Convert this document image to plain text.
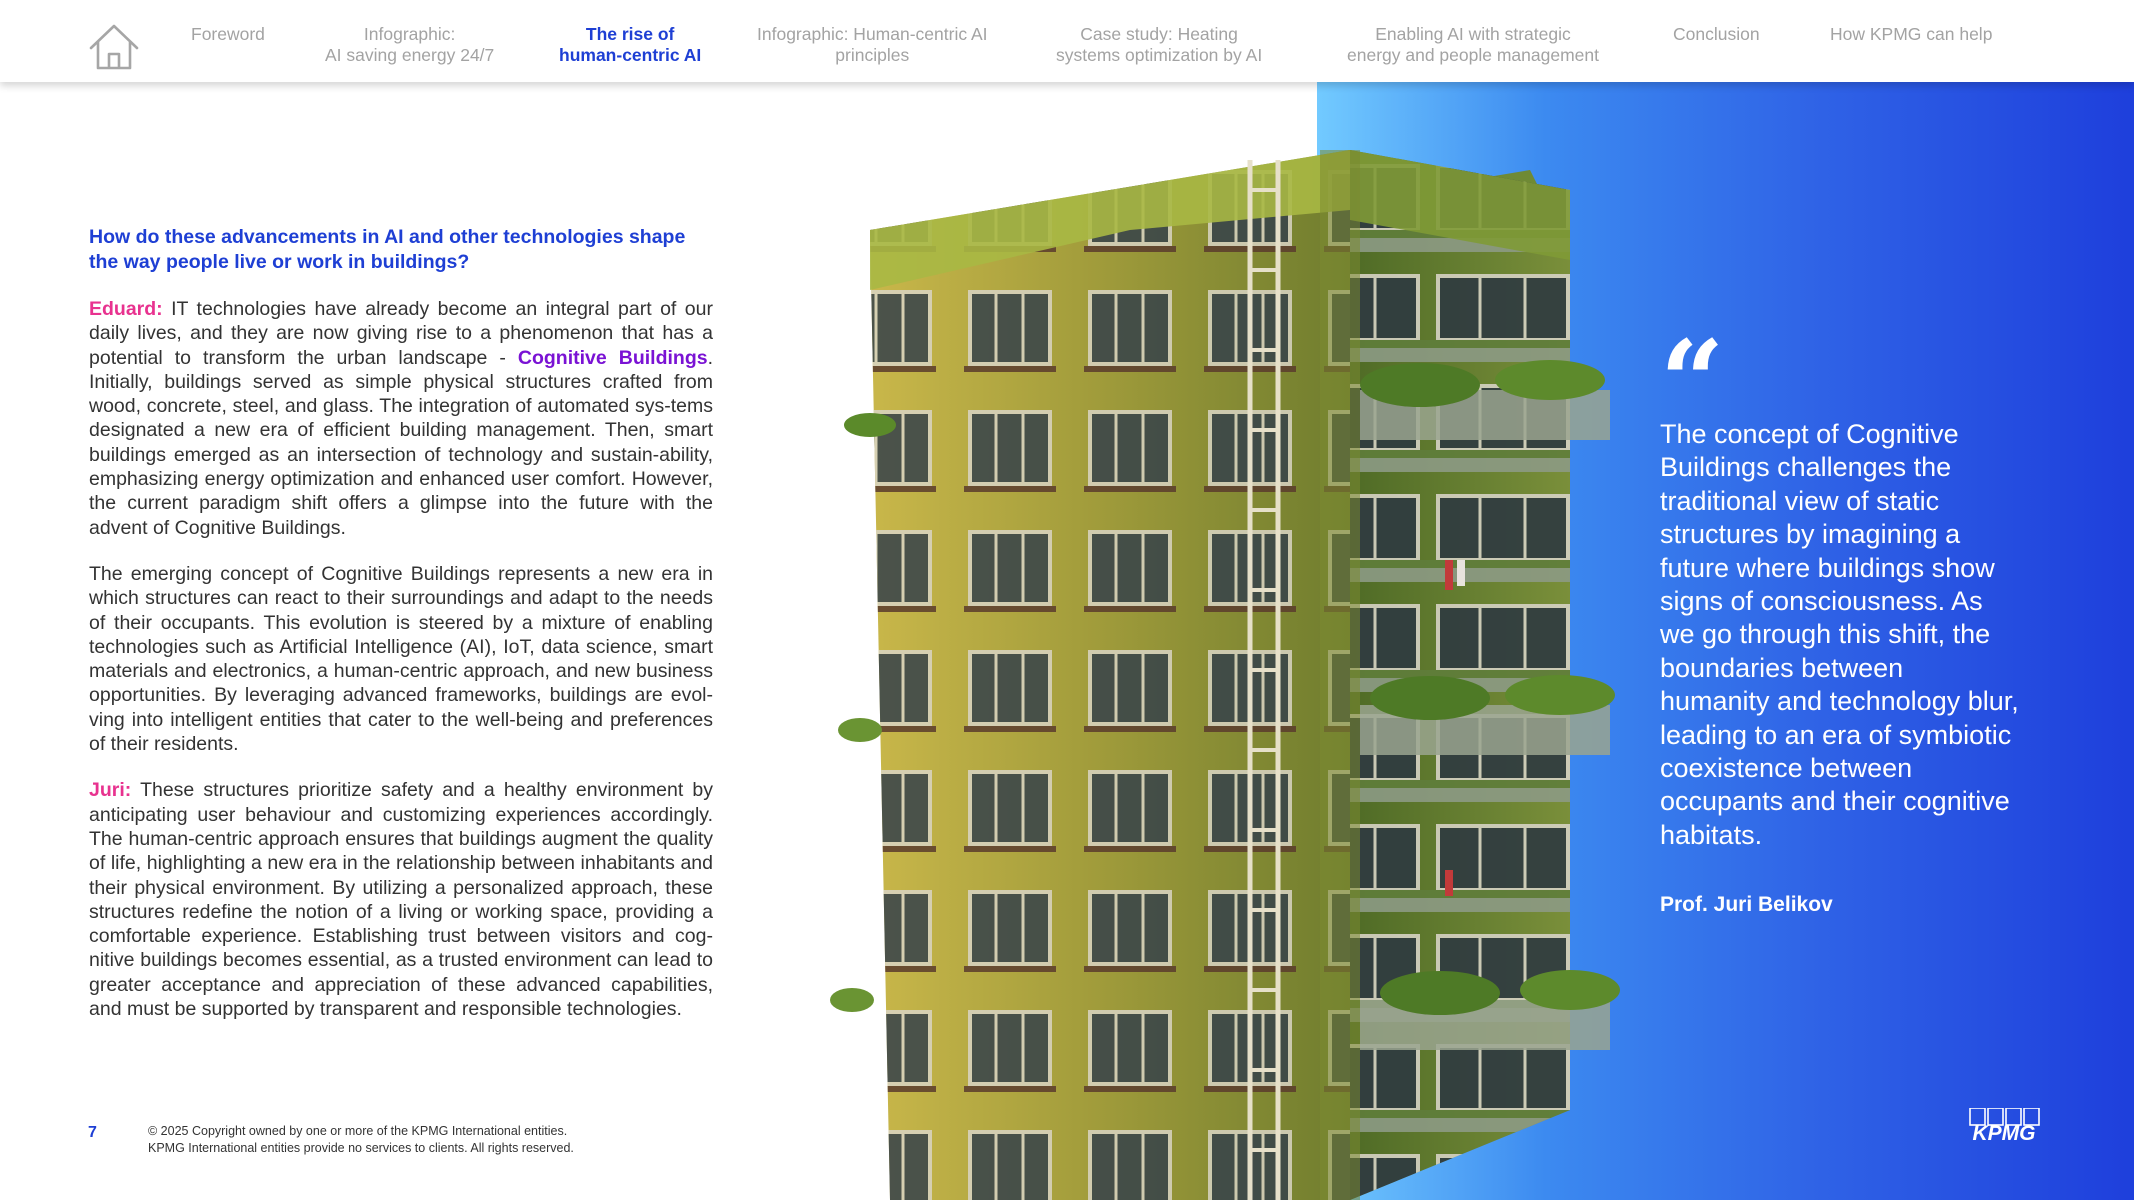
Foreword	Infographic:
AI saving energy 24/7
The rise of
human-centric AI
Infographic: Human-centric AI
principles
Case study: Heating
systems optimization by AI
Enabling AI with strategic
energy and people management
Conclusion	How KPMG can help
How do these advancements in AI and other technologies shape the way people live or work in buildings?

Eduard: IT technologies have already become an integral part of our daily lives, and they are now giving rise to a phenomenon that has a potential to transform the urban landscape - Cognitive Buildings. Initially, buildings served as simple physical structures crafted from wood, concrete, steel, and glass. The integration of automated sys-tems designated a new era of efficient building management. Then, smart buildings emerged as an intersection of technology and sustain-ability, emphasizing energy optimization and enhanced user comfort. However, the current paradigm shift offers a glimpse into the future with the advent of Cognitive Buildings.

The emerging concept of Cognitive Buildings represents a new era in which structures can react to their surroundings and adapt to the needs of their occupants. This evolution is steered by a mixture of enabling technologies such as Artificial Intelligence (AI), IoT, data science, smart materials and electronics, a human-centric approach, and new business opportunities. By leveraging advanced frameworks, buildings are evol-ving into intelligent entities that cater to the well-being and preferences of their residents.

Juri: These structures prioritize safety and a healthy environment by anticipating user behaviour and customizing experiences accordingly. The human-centric approach ensures that buildings augment the quality of life, highlighting a new era in the relationship between inhabitants and their physical environment. By utilizing a personalized approach, these structures redefine the notion of a living or working space, providing a comfortable experience. Establishing trust between visitors and cog-nitive buildings becomes essential, as a trusted environment can lead to greater acceptance and appreciation of these advanced capabilities, and must be supported by transparent and responsible technologies.

“
The concept of Cognitive Buildings challenges the traditional view of static structures by imagining a future where buildings show signs of consciousness. As we go through this shift, the boundaries between humanity and technology blur, leading to an era of symbiotic coexistence between occupants and their cognitive habitats.
Prof. Juri Belikov
7	© 2025 Copyright owned by one or more of the KPMG International entities.
KPMG International entities provide no services to clients. All rights reserved.
KPMG
